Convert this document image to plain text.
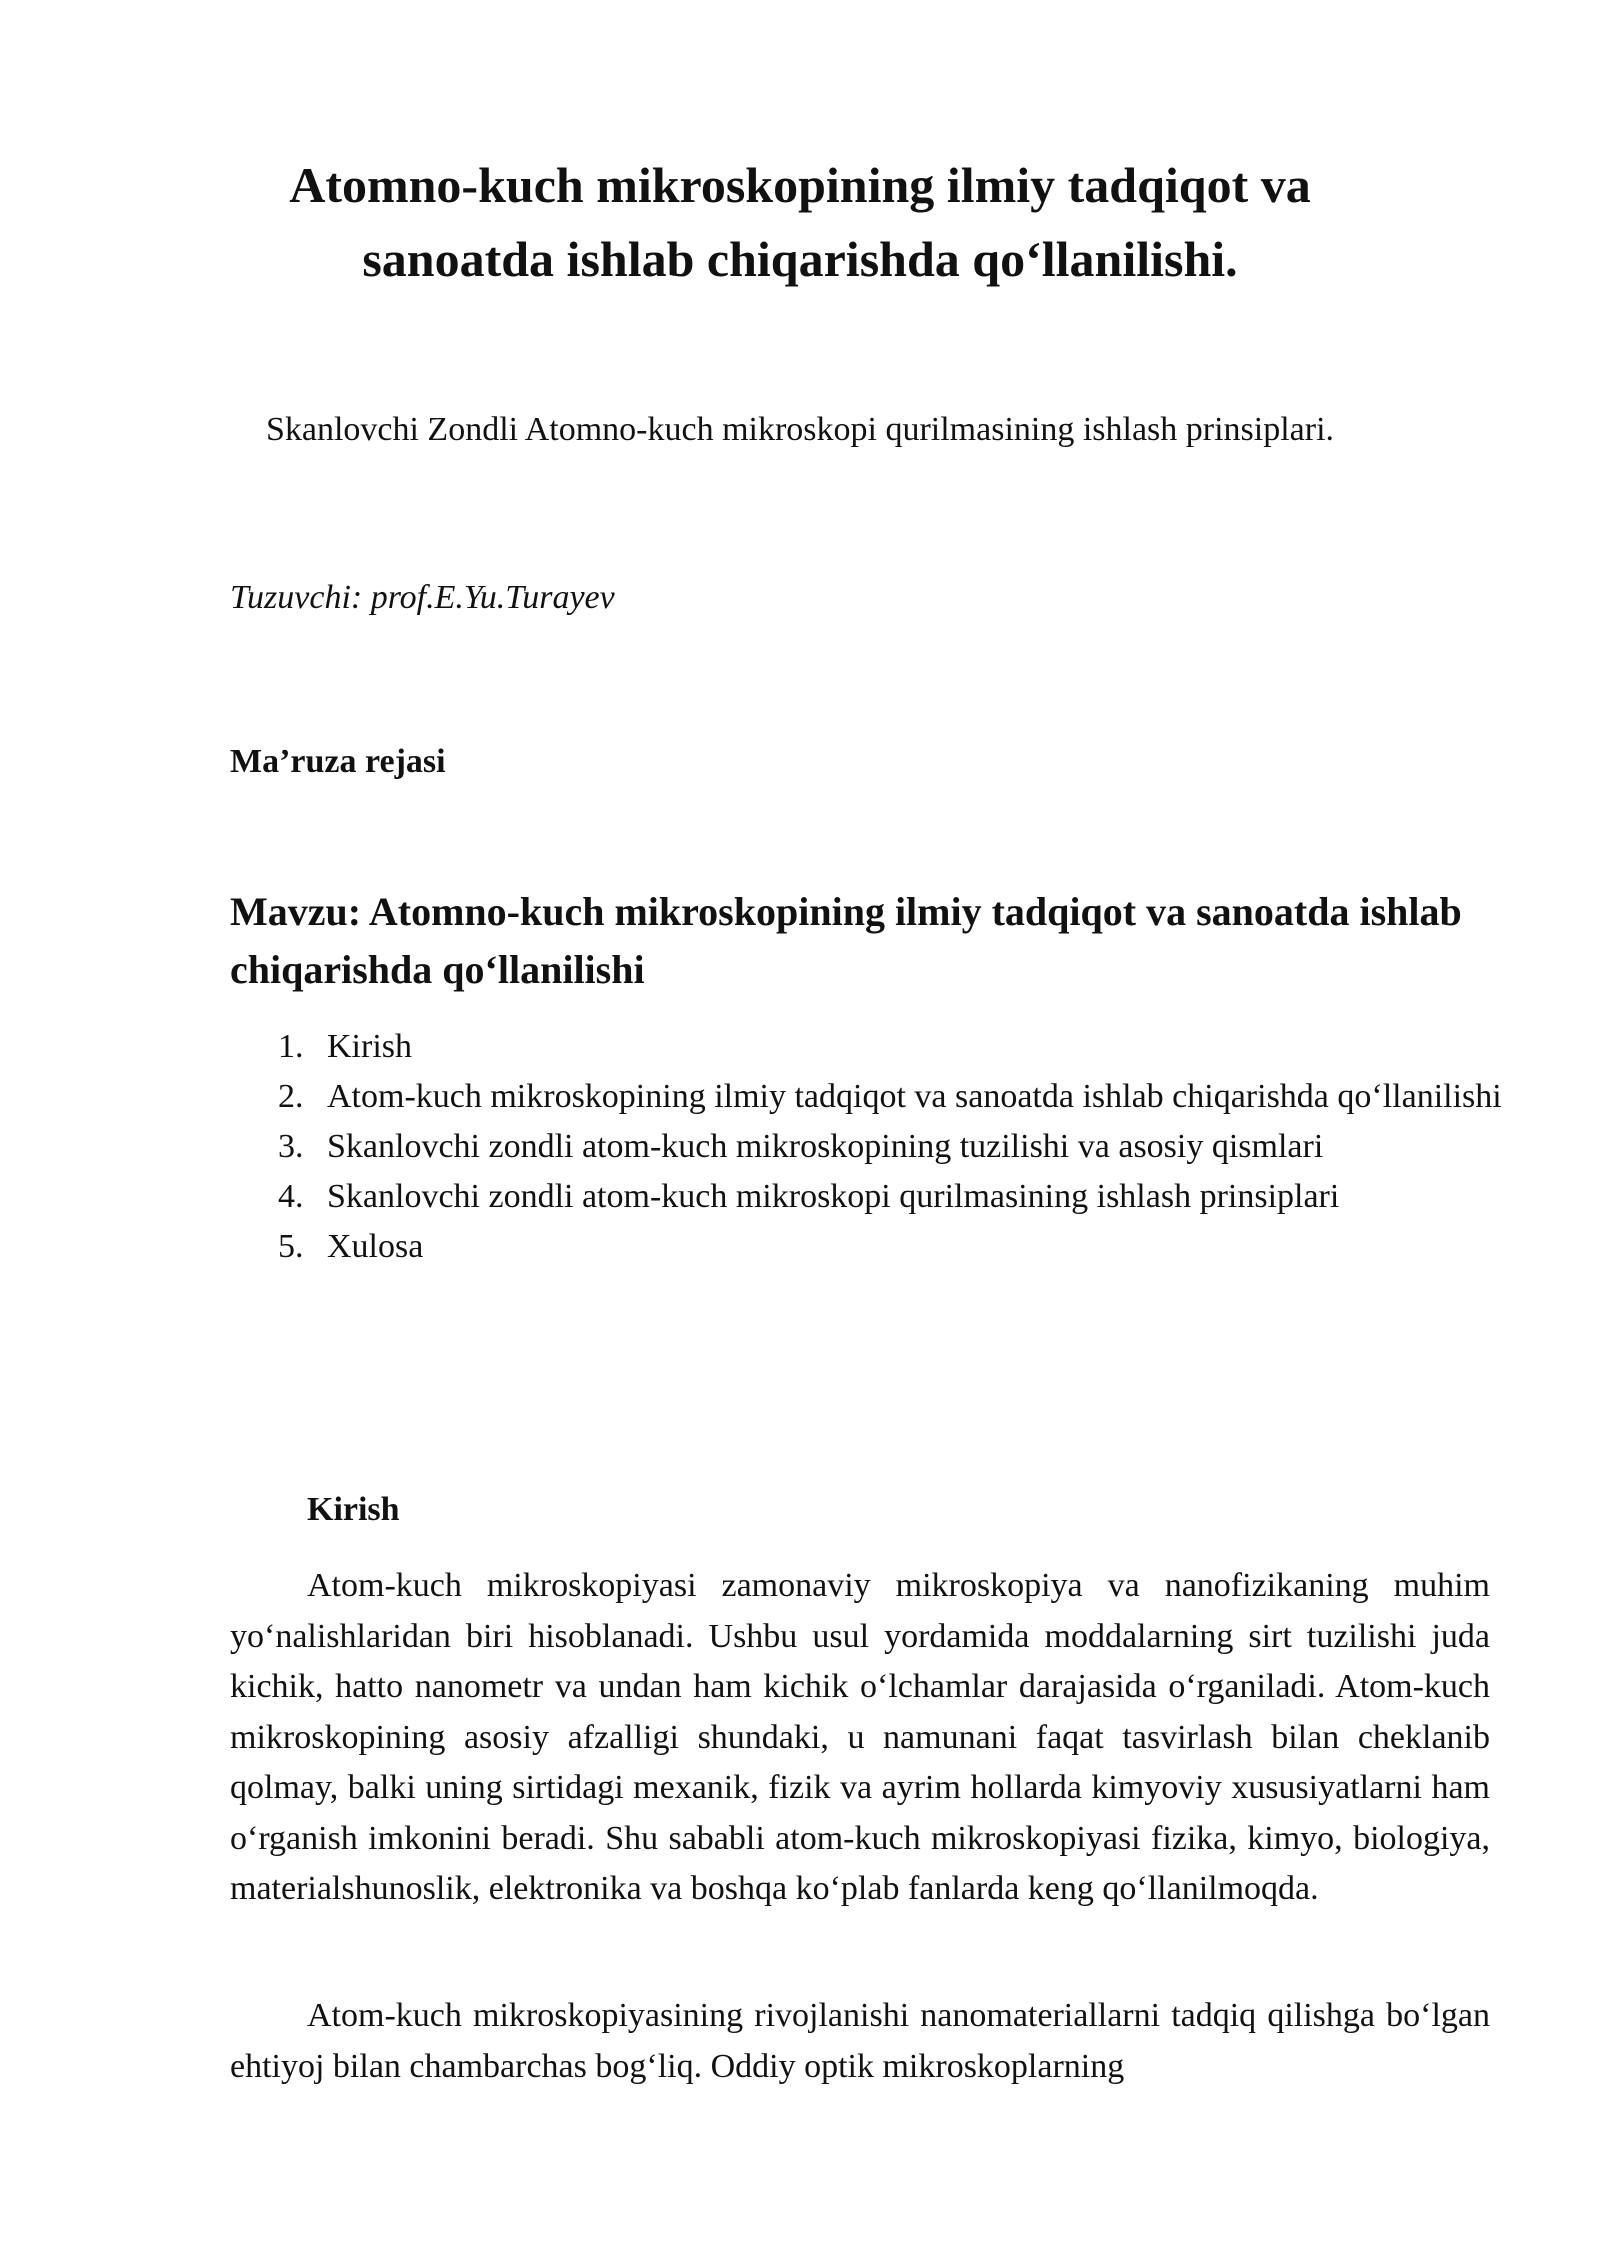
Atomno-kuch mikroskopining ilmiy tadqiqot va sanoatda ishlab chiqarishda qo‘llanilishi.

Skanlovchi Zondli Atomno-kuch mikroskopi qurilmasining ishlash prinsiplari.

Tuzuvchi: prof.E.Yu.Turayev

Ma’ruza rejasi

Mavzu: Atomno-kuch mikroskopining ilmiy tadqiqot va sanoatda ishlab chiqarishda qo‘llanilishi
1. Kirish
2. Atom-kuch mikroskopining ilmiy tadqiqot va sanoatda ishlab chiqarishda qo‘llanilishi
3. Skanlovchi zondli atom-kuch mikroskopining tuzilishi va asosiy qismlari
4. Skanlovchi zondli atom-kuch mikroskopi qurilmasining ishlash prinsiplari
5. Xulosa

Kirish

Atom-kuch mikroskopiyasi zamonaviy mikroskopiya va nanofizikaning muhim yo‘nalishlaridan biri hisoblanadi. Ushbu usul yordamida moddalarning sirt tuzilishi juda kichik, hatto nanometr va undan ham kichik o‘lchamlar darajasida o‘rganiladi. Atom-kuch mikroskopining asosiy afzalligi shundaki, u namunani faqat tasvirlash bilan cheklanib qolmay, balki uning sirtidagi mexanik, fizik va ayrim hollarda kimyoviy xususiyatlarni ham o‘rganish imkonini beradi. Shu sababli atom-kuch mikroskopiyasi fizika, kimyo, biologiya, materialshunoslik, elektronika va boshqa ko‘plab fanlarda keng qo‘llanilmoqda.

Atom-kuch mikroskopiyasining rivojlanishi nanomateriallarni tadqiq qilishga bo‘lgan ehtiyoj bilan chambarchas bog‘liq. Oddiy optik mikroskoplarning
